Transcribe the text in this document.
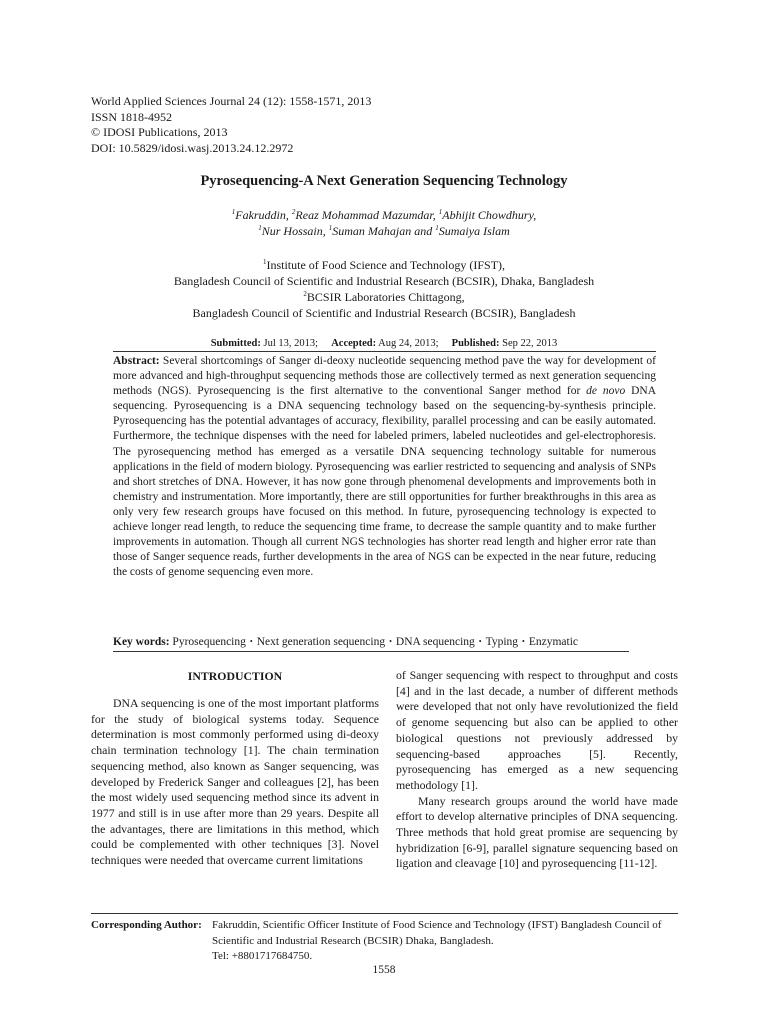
World Applied Sciences Journal 24 (12): 1558-1571, 2013
ISSN 1818-4952
© IDOSI Publications, 2013
DOI: 10.5829/idosi.wasj.2013.24.12.2972
Pyrosequencing-A Next Generation Sequencing Technology
$^1$Fakruddin, $^2$Reaz Mohammad Mazumdar, $^1$Abhijit Chowdhury,
$^1$Nur Hossain, $^1$Suman Mahajan and $^1$Sumaiya Islam
$^1$Institute of Food Science and Technology (IFST),
Bangladesh Council of Scientific and Industrial Research (BCSIR), Dhaka, Bangladesh
$^2$BCSIR Laboratories Chittagong,
Bangladesh Council of Scientific and Industrial Research (BCSIR), Bangladesh
Submitted: Jul 13, 2013; Accepted: Aug 24, 2013; Published: Sep 22, 2013
Abstract: Several shortcomings of Sanger di-deoxy nucleotide sequencing method pave the way for development of more advanced and high-throughput sequencing methods those are collectively termed as next generation sequencing methods (NGS). Pyrosequencing is the first alternative to the conventional Sanger method for de novo DNA sequencing. Pyrosequencing is a DNA sequencing technology based on the sequencing-by-synthesis principle. Pyrosequencing has the potential advantages of accuracy, flexibility, parallel processing and can be easily automated. Furthermore, the technique dispenses with the need for labeled primers, labeled nucleotides and gel-electrophoresis. The pyrosequencing method has emerged as a versatile DNA sequencing technology suitable for numerous applications in the field of modern biology. Pyrosequencing was earlier restricted to sequencing and analysis of SNPs and short stretches of DNA. However, it has now gone through phenomenal developments and improvements both in chemistry and instrumentation. More importantly, there are still opportunities for further breakthroughs in this area as only very few research groups have focused on this method. In future, pyrosequencing technology is expected to achieve longer read length, to reduce the sequencing time frame, to decrease the sample quantity and to make further improvements in automation. Though all current NGS technologies has shorter read length and higher error rate than those of Sanger sequence reads, further developments in the area of NGS can be expected in the near future, reducing the costs of genome sequencing even more.
Key words: Pyrosequencing • Next generation sequencing • DNA sequencing • Typing • Enzymatic
INTRODUCTION

DNA sequencing is one of the most important platforms for the study of biological systems today. Sequence determination is most commonly performed using di-deoxy chain termination technology [1]. The chain termination sequencing method, also known as Sanger sequencing, was developed by Frederick Sanger and colleagues [2], has been the most widely used sequencing method since its advent in 1977 and still is in use after more than 29 years. Despite all the advantages, there are limitations in this method, which could be complemented with other techniques [3]. Novel techniques were needed that overcame current limitations

of Sanger sequencing with respect to throughput and costs [4] and in the last decade, a number of different methods were developed that not only have revolutionized the field of genome sequencing but also can be applied to other biological questions not previously addressed by sequencing-based approaches [5]. Recently, pyrosequencing has emerged as a new sequencing methodology [1].

Many research groups around the world have made effort to develop alternative principles of DNA sequencing. Three methods that hold great promise are sequencing by hybridization [6-9], parallel signature sequencing based on ligation and cleavage [10] and pyrosequencing [11-12].

Corresponding Author: Fakruddin, Scientific Officer Institute of Food Science and Technology (IFST) Bangladesh Council of
Scientific and Industrial Research (BCSIR) Dhaka, Bangladesh.
Tel: +8801717684750.
1558
